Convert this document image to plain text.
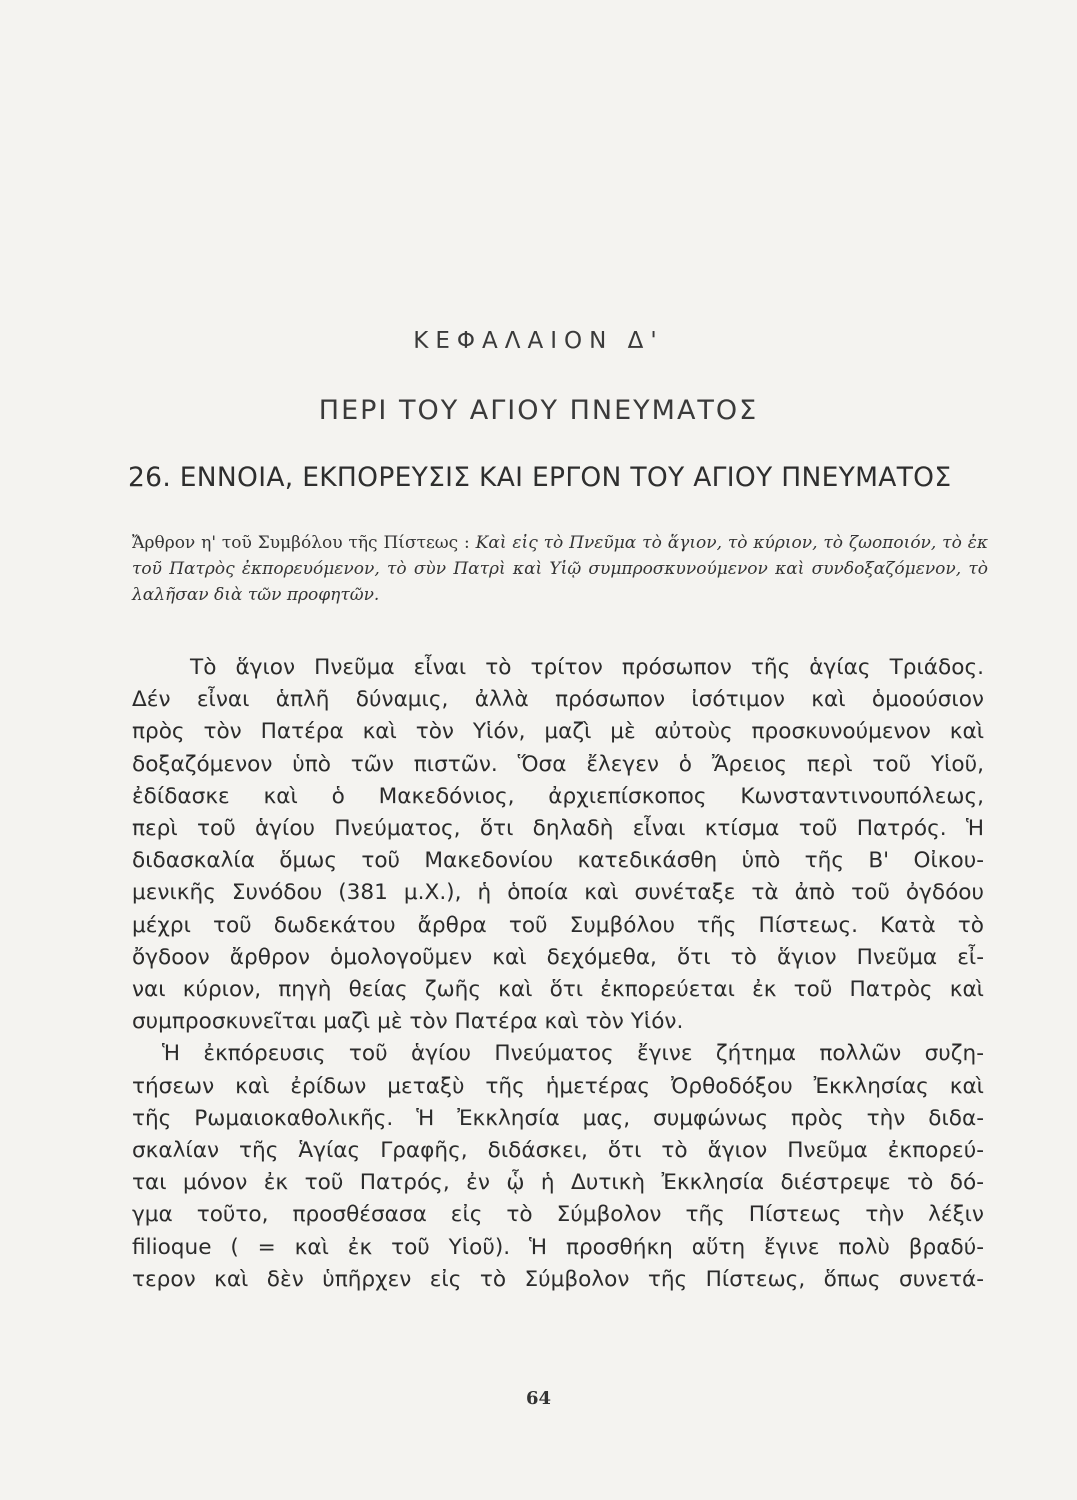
ΚΕΦΑΛΑΙΟΝ Δ'
ΠΕΡΙ ΤΟΥ ΑΓΙΟΥ ΠΝΕΥΜΑΤΟΣ
26. ΕΝΝΟΙΑ, ΕΚΠΟΡΕΥΣΙΣ ΚΑΙ ΕΡΓΟΝ ΤΟΥ ΑΓΙΟΥ ΠΝΕΥΜΑΤΟΣ
Ἄρθρον η' τοῦ Συμβόλου τῆς Πίστεως : Καὶ εἰς τὸ Πνεῦμα τὸ ἅγιον, τὸ κύριον, τὸ ζωοποιόν, τὸ ἐκ τοῦ Πατρὸς ἐκπορευόμενον, τὸ σὺν Πατρὶ καὶ Υἱῷ συμπροσκυνούμενον καὶ συνδοξαζόμενον, τὸ λαλῆσαν διὰ τῶν προφητῶν.
Τὸ ἅγιον Πνεῦμα εἶναι τὸ τρίτον πρόσωπον τῆς ἁγίας Τριάδος.
Δέν εἶναι ἁπλῆ δύναμις, ἀλλὰ πρόσωπον ἰσότιμον καὶ ὁμοούσιον
πρὸς τὸν Πατέρα καὶ τὸν Υἱόν, μαζὶ μὲ αὐτοὺς προσκυνούμενον καὶ
δοξαζόμενον ὑπὸ τῶν πιστῶν. Ὅσα ἔλεγεν ὁ Ἄρειος περὶ τοῦ Υἱοῦ,
ἐδίδασκε καὶ ὁ Μακεδόνιος, ἀρχιεπίσκοπος Κωνσταντινουπόλεως,
περὶ τοῦ ἁγίου Πνεύματος, ὅτι δηλαδὴ εἶναι κτίσμα τοῦ Πατρός. Ἡ
διδασκαλία ὅμως τοῦ Μακεδονίου κατεδικάσθη ὑπὸ τῆς Β' Οἰκου-
μενικῆς Συνόδου (381 μ.Χ.), ἡ ὁποία καὶ συνέταξε τὰ ἀπὸ τοῦ ὀγδόου
μέχρι τοῦ δωδεκάτου ἄρθρα τοῦ Συμβόλου τῆς Πίστεως. Κατὰ τὸ
ὄγδοον ἄρθρον ὁμολογοῦμεν καὶ δεχόμεθα, ὅτι τὸ ἅγιον Πνεῦμα εἶ-
ναι κύριον, πηγὴ θείας ζωῆς καὶ ὅτι ἐκπορεύεται ἐκ τοῦ Πατρὸς καὶ
συμπροσκυνεῖται μαζὶ μὲ τὸν Πατέρα καὶ τὸν Υἱόν.
Ἡ ἐκπόρευσις τοῦ ἁγίου Πνεύματος ἔγινε ζήτημα πολλῶν συζη-
τήσεων καὶ ἐρίδων μεταξὺ τῆς ἡμετέρας Ὀρθοδόξου Ἐκκλησίας καὶ
τῆς Ρωμαιοκαθολικῆς. Ἡ Ἐκκλησία μας, συμφώνως πρὸς τὴν διδα-
σκαλίαν τῆς Ἁγίας Γραφῆς, διδάσκει, ὅτι τὸ ἅγιον Πνεῦμα ἐκπορεύ-
ται μόνον ἐκ τοῦ Πατρός, ἐν ᾧ ἡ Δυτικὴ Ἐκκλησία διέστρεψε τὸ δό-
γμα τοῦτο, προσθέσασα εἰς τὸ Σύμβολον τῆς Πίστεως τὴν λέξιν
filioque ( = καὶ ἐκ τοῦ Υἱοῦ). Ἡ προσθήκη αὕτη ἔγινε πολὺ βραδύ-
τερον καὶ δὲν ὑπῆρχεν εἰς τὸ Σύμβολον τῆς Πίστεως, ὅπως συνετά-
64
